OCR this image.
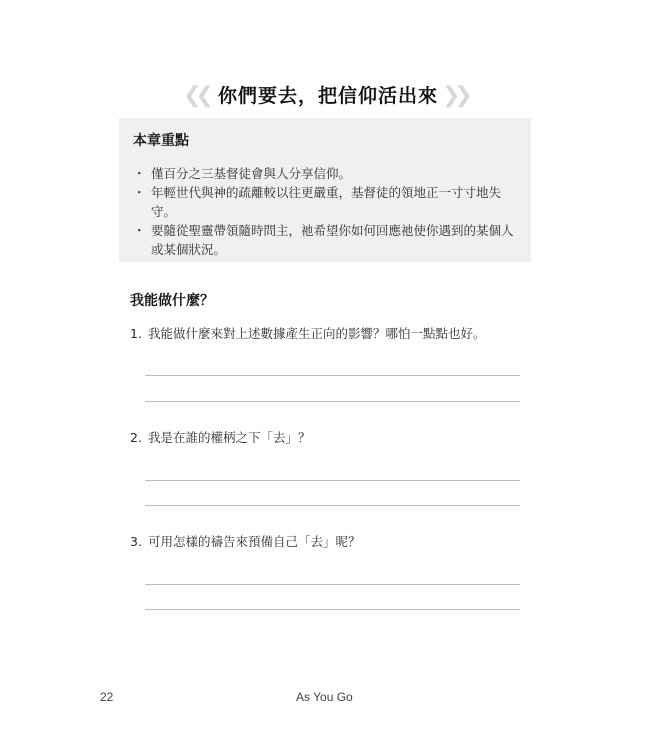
❮❮ 你們要去，把信仰活出來 ❯❯
本章重點
・ 僅百分之三基督徒會與人分享信仰。
・ 年輕世代與神的疏離較以往更嚴重，基督徒的領地正一寸寸地失守。
・ 要隨從聖靈帶領隨時問主，祂希望你如何回應祂使你遇到的某個人或某個狀況。
我能做什麼？
1. 我能做什麼來對上述數據產生正向的影響？哪怕一點點也好。
2. 我是在誰的權柄之下「去」？
3. 可用怎樣的禱告來預備自己「去」呢？
22	As You Go
